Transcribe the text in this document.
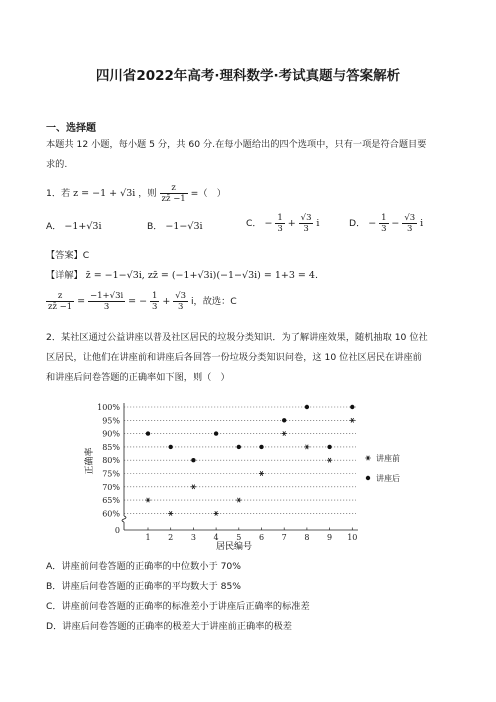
四川省2022年高考·理科数学·考试真题与答案解析
一、选择题
本题共 12 小题，每小题 5 分，共 60 分.在每小题给出的四个选项中，只有一项是符合题目要
求的.
1．若 z = −1 + √3i ，则 $\frac{z}{zz̄ -1}$ =（　）
A． −1+√3i	B． −1−√3i	C． − $\frac{1}{3} + \frac{√3}{3}$ i	D． − $\frac{1}{3} - \frac{√3}{3}$ i
【答案】C
【详解】 z̄ = −1−√3i, zz̄ = (−1+√3i)(−1−√3i) = 1+3 = 4.
$\frac{z}{zz̄ -1} = \frac{-1+√3i}{3}$ = − $\frac{1}{3} + \frac{√3}{3}$ i，故选：C
2．某社区通过公益讲座以普及社区居民的垃圾分类知识．为了解讲座效果，随机抽取 10 位社
区居民，让他们在讲座前和讲座后各回答一份垃圾分类知识问卷，这 10 位社区居民在讲座前
和讲座后问卷答题的正确率如下图，则（　）
0
60%
65%
70%
75%
80%
85%
90%
95%
100%
1 2 3 4 5 6 7 8 9 10
讲座前
讲座后
居民编号
正确率
A．讲座前问卷答题的正确率的中位数小于 70%
B．讲座后问卷答题的正确率的平均数大于 85%
C．讲座前问卷答题的正确率的标准差小于讲座后正确率的标准差
D．讲座后问卷答题的正确率的极差大于讲座前正确率的极差
